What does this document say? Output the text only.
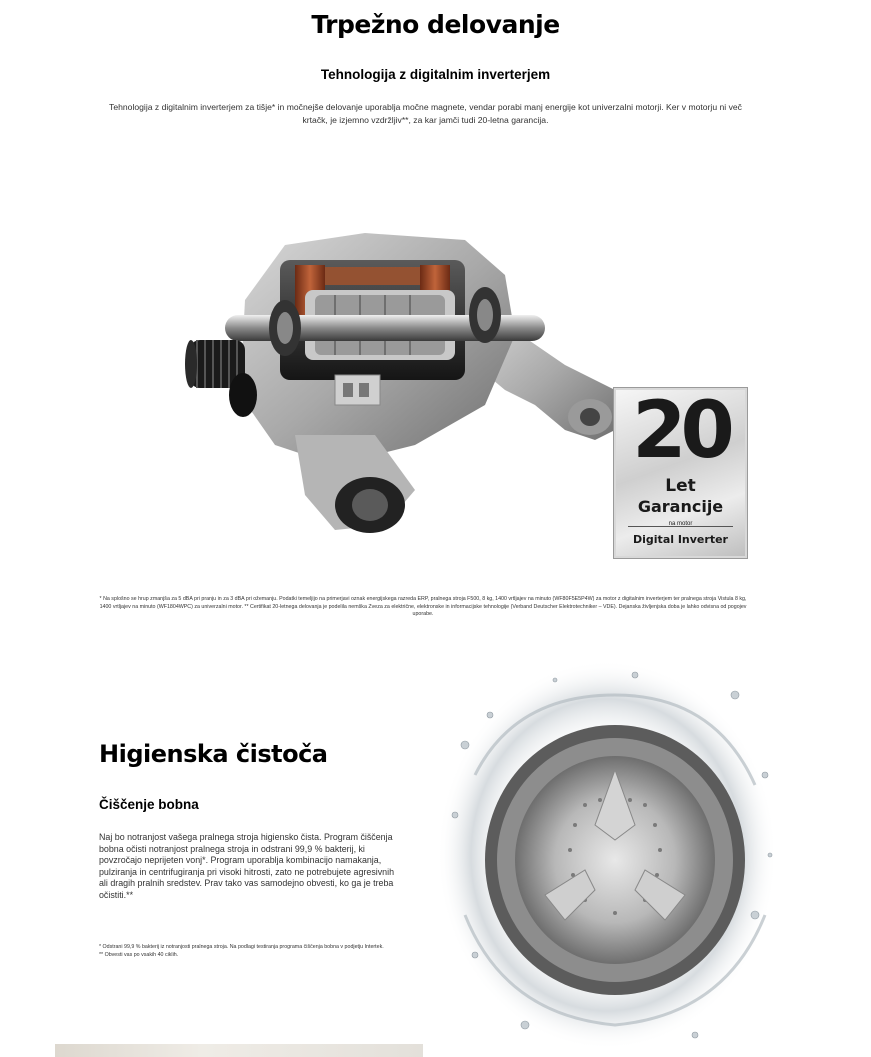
Trpežno delovanje
Tehnologija z digitalnim inverterjem
Tehnologija z digitalnim inverterjem za tišje* in močnejše delovanje uporablja močne magnete, vendar porabi manj energije kot univerzalni motorji. Ker v motorju ni več krtačk, je izjemno vzdržljiv**, za kar jamči tudi 20-letna garancija.
20
Let
Garancije
na motor
Digital Inverter
* Na splošno se hrup zmanjša za 5 dBA pri pranju in za 3 dBA pri ožemanju. Podatki temeljijo na primerjavi oznak energijskega razreda ERP, pralnega stroja F500, 8 kg, 1400 vrtljajev na minuto (WF80F5E5P4W) za motor z digitalnim inverterjem ter pralnega stroja Vistula 8 kg, 1400 vrtljajev na minuto (WF1804WPC) za univerzalni motor. ** Certifikat 20-letnega delovanja je podelila nemška Zveza za električne, elektronske in informacijske tehnologije (Verband Deutscher Elektrotechniker – VDE). Dejanska življenjska doba je lahko odvisna od pogojev uporabe.
Higienska čistoča
Čiščenje bobna
Naj bo notranjost vašega pralnega stroja higiensko čista. Program čiščenja bobna očisti notranjost pralnega stroja in odstrani 99,9 % bakterij, ki povzročajo neprijeten vonj*. Program uporablja kombinacijo namakanja, pulziranja in centrifugiranja pri visoki hitrosti, zato ne potrebujete agresivnih ali dragih pralnih sredstev. Prav tako vas samodejno obvesti, ko ga je treba očistiti.**
* Odstrani 99,9 % bakterij iz notranjosti pralnega stroja. Na podlagi testiranja programa čiščenja bobna v podjetju Intertek. ** Obvesti vas po vsakih 40 ciklih.
